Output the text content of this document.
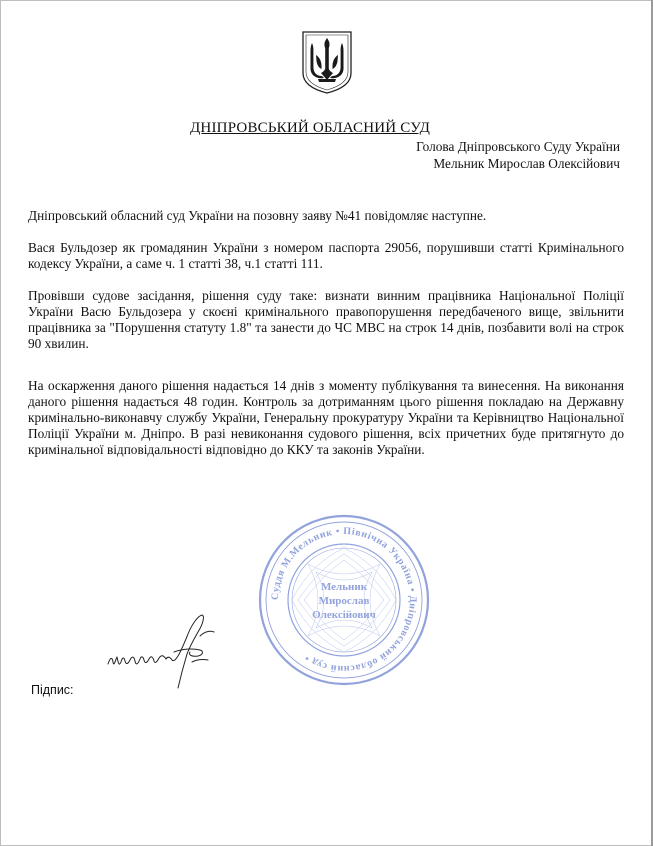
ДНІПРОВСЬКИЙ ОБЛАСНИЙ СУД
Голова Дніпровського Суду України
Мельник Мирослав Олексійович
Дніпровський обласний суд України на позовну заяву №41 повідомляє наступне.
Вася Бульдозер як громадянин України з номером паспорта 29056, порушивши статті Кримінального кодексу України, а саме ч. 1 статті 38, ч.1 статті 111.
Провівши судове засідання, рішення суду таке: визнати винним працівника Національної Поліції України Васю Бульдозера у скоєні кримінального правопорушення передбаченого вище, звільнити працівника за "Порушення статуту 1.8" та занести до ЧС МВС на строк 14 днів, позбавити волі на строк 90 хвилин.
На оскарження даного рішення надається 14 днів з моменту публікування та винесення. На виконання даного рішення надається 48 годин. Контроль за дотриманням цього рішення покладаю на Державну кримінально-виконавчу службу України, Генеральну прокуратуру України та Керівництво Національної Поліції України м. Дніпро. В разі невиконання судового рішення, всіх причетних буде притягнуто до кримінальної відповідальності відповідно до ККУ та законів України.
Підпис:
Суддя М.Мельник • Північна Україна • Дніпровський обласний суд •
Мельник
Мирослав
Олексійович
